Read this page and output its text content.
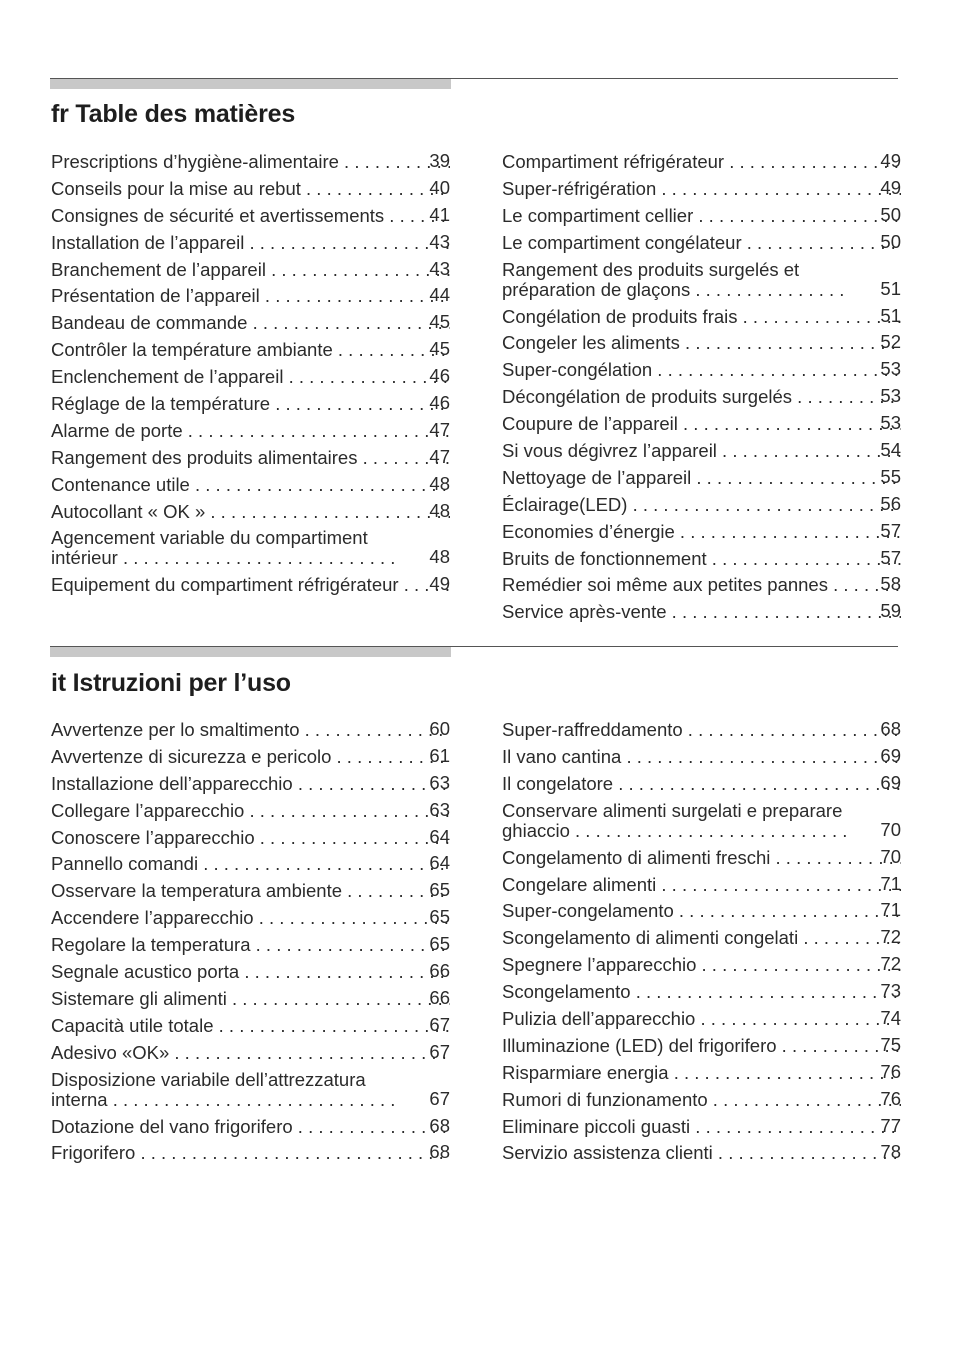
fr Table des matières
Prescriptions d’hygiène-alimentaire . . .	39
Conseils pour la mise au rebut . . .	40
Consignes de sécurité et avertissements . . .	41
Installation de l’appareil . . .	43
Branchement de l’appareil . . .	43
Présentation de l’appareil . . .	44
Bandeau de commande . . .	45
Contrôler la température ambiante . . .	45
Enclenchement de l’appareil . . .	46
Réglage de la température . . .	46
Alarme de porte . . .	47
Rangement des produits alimentaires . . .	47
Contenance utile . . .	48
Autocollant « OK » . . .	48
Agencement variable du compartiment intérieur . . .	48
Equipement du compartiment réfrigérateur . . .	49
Compartiment réfrigérateur . . .	49
Super-réfrigération . . .	49
Le compartiment cellier . . .	50
Le compartiment congélateur . . .	50
Rangement des produits surgelés et préparation de glaçons . . .	51
Congélation de produits frais . . .	51
Congeler les aliments . . .	52
Super-congélation . . .	53
Décongélation de produits surgelés . . .	53
Coupure de l’appareil . . .	53
Si vous dégivrez l’appareil . . .	54
Nettoyage de l’appareil . . .	55
Éclairage(LED) . . .	56
Economies d’énergie . . .	57
Bruits de fonctionnement . . .	57
Remédier soi même aux petites pannes . . .	58
Service après-vente . . .	59
it Istruzioni per l’uso
Avvertenze per lo smaltimento . . .	60
Avvertenze di sicurezza e pericolo . . .	61
Installazione dell’apparecchio . . .	63
Collegare l’apparecchio . . .	63
Conoscere l’apparecchio . . .	64
Pannello comandi . . .	64
Osservare la temperatura ambiente . . .	65
Accendere l’apparecchio . . .	65
Regolare la temperatura . . .	65
Segnale acustico porta . . .	66
Sistemare gli alimenti . . .	66
Capacità utile totale . . .	67
Adesivo «OK» . . .	67
Disposizione variabile dell’attrezzatura interna . . .	67
Dotazione del vano frigorifero . . .	68
Frigorifero . . .	68
Super-raffreddamento . . .	68
Il vano cantina . . .	69
Il congelatore . . .	69
Conservare alimenti surgelati e preparare ghiaccio . . .	70
Congelamento di alimenti freschi . . .	70
Congelare alimenti . . .	71
Super-congelamento . . .	71
Scongelamento di alimenti congelati . . .	72
Spegnere l’apparecchio . . .	72
Scongelamento . . .	73
Pulizia dell’apparecchio . . .	74
Illuminazione (LED) del frigorifero . . .	75
Risparmiare energia . . .	76
Rumori di funzionamento . . .	76
Eliminare piccoli guasti . . .	77
Servizio assistenza clienti . . .	78
